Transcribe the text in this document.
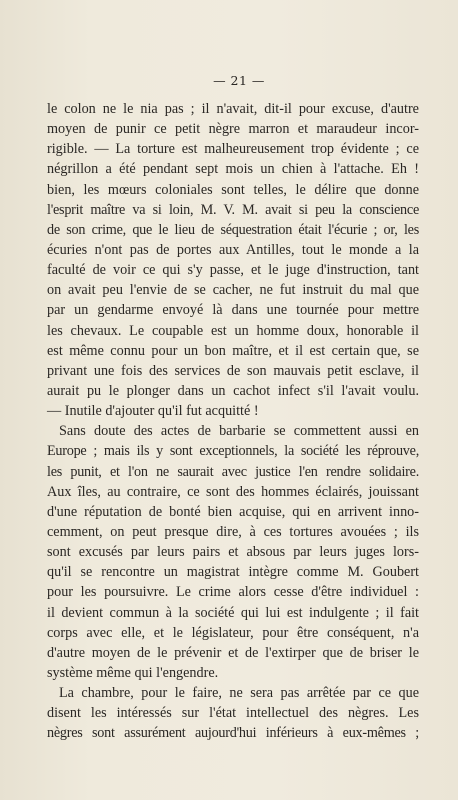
— 21 —
le colon ne le nia pas ; il n'avait, dit-il pour excuse, d'autre
moyen de punir ce petit nègre marron et maraudeur incor-
rigible. — La torture est malheureusement trop évidente ; ce
négrillon a été pendant sept mois un chien à l'attache. Eh !
bien, les mœurs coloniales sont telles, le délire que donne
l'esprit maître va si loin, M. V. M. avait si peu la conscience
de son crime, que le lieu de séquestration était l'écurie ; or, les
écuries n'ont pas de portes aux Antilles, tout le monde a la
faculté de voir ce qui s'y passe, et le juge d'instruction, tant
on avait peu l'envie de se cacher, ne fut instruit du mal que
par un gendarme envoyé là dans une tournée pour mettre
les chevaux. Le coupable est un homme doux, honorable il
est même connu pour un bon maître, et il est certain que, se
privant une fois des services de son mauvais petit esclave, il
aurait pu le plonger dans un cachot infect s'il l'avait voulu.
— Inutile d'ajouter qu'il fut acquitté !
Sans doute des actes de barbarie se commettent aussi en
Europe ; mais ils y sont exceptionnels, la société les réprouve,
les punit, et l'on ne saurait avec justice l'en rendre solidaire.
Aux îles, au contraire, ce sont des hommes éclairés, jouissant
d'une réputation de bonté bien acquise, qui en arrivent inno-
cemment, on peut presque dire, à ces tortures avouées ; ils
sont excusés par leurs pairs et absous par leurs juges lors-
qu'il se rencontre un magistrat intègre comme M. Goubert
pour les poursuivre. Le crime alors cesse d'être individuel :
il devient commun à la société qui lui est indulgente ; il fait
corps avec elle, et le législateur, pour être conséquent, n'a
d'autre moyen de le prévenir et de l'extirper que de briser le
système même qui l'engendre.
La chambre, pour le faire, ne sera pas arrêtée par ce que
disent les intéressés sur l'état intellectuel des nègres. Les
nègres sont assurément aujourd'hui inférieurs à eux-mêmes ;
